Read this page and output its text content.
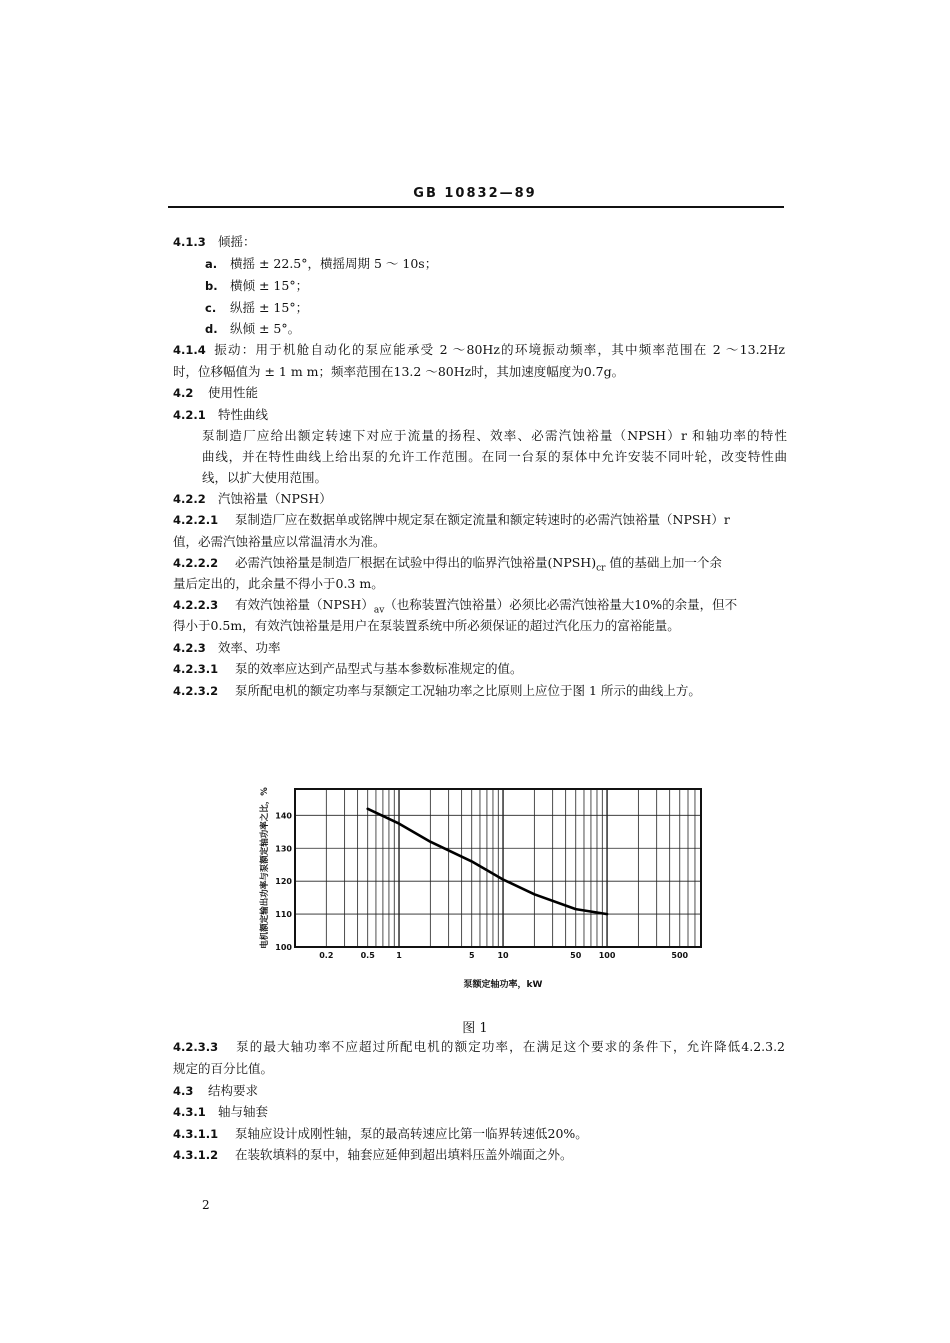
GB 10832—89
4.1.3 倾摇：
a. 横摇 ± 22.5°，横摇周期 5 ～ 10s；
b. 横倾 ± 15°；
c. 纵摇 ± 15°；
d. 纵倾 ± 5°。
4.1.4 振动：用于机舱自动化的泵应能承受 2 ～80Hz的环境振动频率，其中频率范围在 2 ～13.2Hz
时，位移幅值为 ± 1 m m；频率范围在13.2 ～80Hz时，其加速度幅度为0.7g。
4.2 使用性能
4.2.1 特性曲线
泵制造厂应给出额定转速下对应于流量的扬程、效率、必需汽蚀裕量（NPSH）r 和轴功率的特性
曲线，并在特性曲线上给出泵的允许工作范围。在同一台泵的泵体中允许安装不同叶轮，改变特性曲
线，以扩大使用范围。
4.2.2 汽蚀裕量（NPSH）
4.2.2.1 泵制造厂应在数据单或铭牌中规定泵在额定流量和额定转速时的必需汽蚀裕量（NPSH）r
值，必需汽蚀裕量应以常温清水为准。
4.2.2.2 必需汽蚀裕量是制造厂根据在试验中得出的临界汽蚀裕量$(NPSH)_{cr}$ 值的基础上加一个余
量后定出的，此余量不得小于0.3 m。
4.2.2.3 有效汽蚀裕量$(NPSH)_{av}$（也称装置汽蚀裕量）必须比必需汽蚀裕量大10%的余量，但不
得小于0.5m，有效汽蚀裕量是用户在泵装置系统中所必须保证的超过汽化压力的富裕能量。
4.2.3 效率、功率
4.2.3.1 泵的效率应达到产品型式与基本参数标准规定的值。
4.2.3.2 泵所配电机的额定功率与泵额定工况轴功率之比原则上应位于图 1 所示的曲线上方。
100
110
120
130
140
0.2	0.5	1	5	10	50 100	500
电机额定输出功率与泵额定轴功率之比，%
泵额定轴功率，kW
图 1
4.2.3.3 泵的最大轴功率不应超过所配电机的额定功率，在满足这个要求的条件下，允许降低4.2.3.2
规定的百分比值。
4.3 结构要求
4.3.1 轴与轴套
4.3.1.1 泵轴应设计成刚性轴，泵的最高转速应比第一临界转速低20%。
4.3.1.2 在装软填料的泵中，轴套应延伸到超出填料压盖外端面之外。
2
